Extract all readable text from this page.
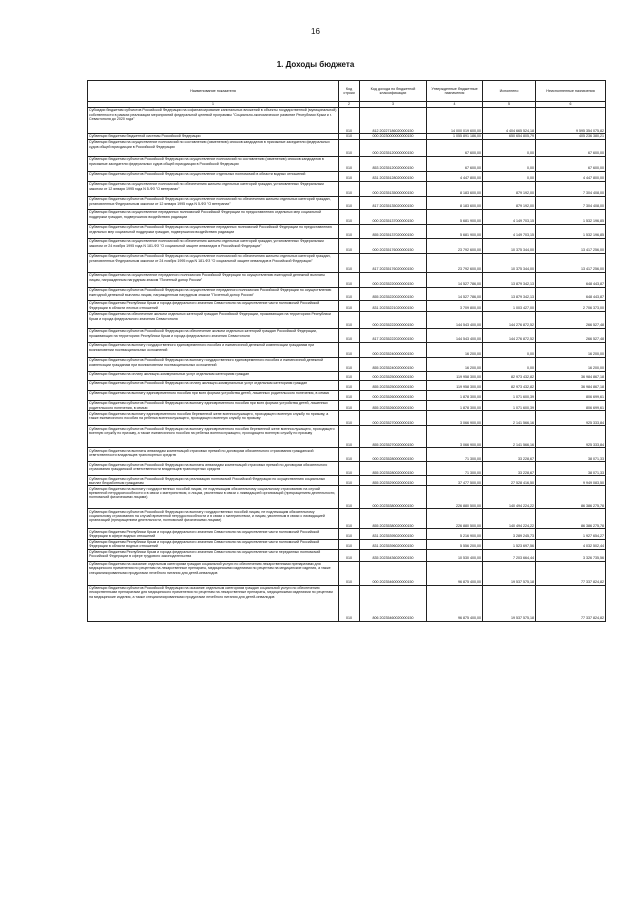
16
1. Доходы бюджета
Наименование показателя	Код строки	Код дохода по бюджетной классификации	Утвержденные бюджетные назначения	Исполнено	Неисполненные назначения
1	2	3	4	5	6
Субсидии бюджетам субъектов Российской Федерации на софинансирование капитальных вложений в объекты государственной (муниципальной) собственности в рамках реализации мероприятий федеральной целевой программы "Социально-экономическое развитие Республики Крым и г. Севастополя до 2020 года"	010	812 20227186020000150	14 000 019 600,00	4 404 665 524,18	9 595 354 075,82
Субвенции бюджетам бюджетной системы Российской Федерации	010	000 20230000000000150	1 055 891 186,00	650 654 805,79	405 236 380,21
Субвенции бюджетам на осуществление полномочий по составлению (изменению) списков кандидатов в присяжные заседатели федеральных судов общей юрисдикции в Российской Федерации	010	000 20235120000000150	67 600,00	0,00	67 600,00
Субвенции бюджетам субъектов Российской Федерации на осуществление полномочий по составлению (изменению) списков кандидатов в присяжные заседатели федеральных судов общей юрисдикции в Российской Федерации	010	853 20235120020000150	67 600,00	0,00	67 600,00
Субвенции бюджетам субъектов Российской Федерации на осуществление отдельных полномочий в области водных отношений	010	831 20235128020000150	4 447 800,00	0,00	4 447 800,00
Субвенции бюджетам на осуществление полномочий по обеспечению жильем отдельных категорий граждан, установленных Федеральным законом от 12 января 1995 года N 5-ФЗ "О ветеранах"	010	000 20235135000000150	8 183 600,00	879 192,00	7 304 408,00
Субвенции бюджетам субъектов Российской Федерации на осуществление полномочий по обеспечению жильем отдельных категорий граждан, установленных Федеральным законом от 12 января 1995 года N 5-ФЗ "О ветеранах"	010	817 20235135020000150	8 183 600,00	879 192,00	7 304 408,00
Субвенции бюджетам на осуществление переданных полномочий Российской Федерации по предоставлению отдельных мер социальной поддержки граждан, подвергшихся воздействию радиации	010	000 20235137000000150	5 681 900,00	4 149 703,15	1 532 196,85
Субвенции бюджетам субъектов Российской Федерации на осуществление переданных полномочий Российской Федерации по предоставлению отдельных мер социальной поддержки граждан, подвергшихся воздействию радиации	010	855 20235137020000150	5 681 900,00	4 149 703,15	1 532 196,85
Субвенции бюджетам на осуществление полномочий по обеспечению жильем отдельных категорий граждан, установленных Федеральным законом от 24 ноября 1995 года N 181-ФЗ "О социальной защите инвалидов в Российской Федерации"	010	000 20235176000000150	23 792 600,00	10 375 344,00	13 417 256,00
Субвенции бюджетам субъектов Российской Федерации на осуществление полномочий по обеспечению жильем отдельных категорий граждан, установленных Федеральным законом от 24 ноября 1995 года N 181-ФЗ "О социальной защите инвалидов в Российской Федерации"	010	817 20235176020000150	23 792 600,00	10 375 344,00	13 417 256,00
Субвенции бюджетам на осуществление переданного полномочия Российской Федерации по осуществлению ежегодной денежной выплаты лицам, награжденным нагрудным знаком "Почетный донор России"	010	000 20235220000000150	14 527 786,00	13 879 342,13	648 443,87
Субвенции бюджетам субъектов Российской Федерации на осуществление переданного полномочия Российской Федерации по осуществлению ежегодной денежной выплаты лицам, награжденным нагрудным знаком "Почетный донор России"	010	855 20235220020000150	14 527 786,00	13 879 342,13	648 443,87
Субвенции бюджетам Республики Крым и города федерального значения Севастополя на осуществление части полномочий Российской Федерации в области лесных отношений	010	831 20235221020000150	3 709 800,00	1 003 427,00	2 706 373,00
Субвенции бюджетам на обеспечение жильем отдельных категорий граждан Российской Федерации, проживающих на территориях Республики Крым и города федерального значения Севастополя	010	000 20235222000000150	144 543 400,00	144 276 872,52	266 527,48
Субвенции бюджетам субъектов Российской Федерации на обеспечение жильем отдельных категорий граждан Российской Федерации, проживающих на территориях Республики Крым и города федерального значения Севастополя	010	817 20235222020000150	144 543 400,00	144 276 872,52	266 527,48
Субвенции бюджетам на выплату государственного единовременного пособия и ежемесячной денежной компенсации гражданам при возникновении поствакцинальных осложнений	010	000 20235240000000150	16 200,00	0,00	16 200,00
Субвенции бюджетам субъектов Российской Федерации на выплату государственного единовременного пособия и ежемесячной денежной компенсации гражданам при возникновении поствакцинальных осложнений	010	855 20235240020000150	16 200,00	0,00	16 200,00
Субвенции бюджетам на оплату жилищно-коммунальных услуг отдельным категориям граждан	010	000 20235250000000150	119 958 300,00	82 973 432,82	36 984 867,18
Субвенции бюджетам субъектов Российской Федерации на оплату жилищно-коммунальных услуг отдельным категориям граждан	010	855 20235250020000150	119 958 300,00	82 973 432,82	36 984 867,18
Субвенции бюджетам на выплату единовременного пособия при всех формах устройства детей, лишенных родительского попечения, в семью	010	000 20235260000000150	1 878 300,00	1 071 600,39	806 699,61
Субвенции бюджетам субъектов Российской Федерации на выплату единовременного пособия при всех формах устройства детей, лишенных родительского попечения, в семью	010	855 20235260020000150	1 878 300,00	1 071 600,39	806 699,61
Субвенции бюджетам на выплату единовременного пособия беременной жене военнослужащего, проходящего военную службу по призыву, а также ежемесячного пособия на ребенка военнослужащего, проходящего военную службу по призыву	010	000 20235270000000150	3 066 900,00	2 141 566,16	925 333,84
Субвенции бюджетам субъектов Российской Федерации на выплату единовременного пособия беременной жене военнослужащего, проходящего военную службу по призыву, а также ежемесячного пособия на ребенка военнослужащего, проходящего военную службу по призыву	010	855 20235270020000150	3 066 900,00	2 141 566,16	925 333,84
Субвенции бюджетам на выплаты инвалидам компенсаций страховых премий по договорам обязательного страхования гражданской ответственности владельцев транспортных средств	010	000 20235280000000150	71 300,00	33 228,67	38 071,33
Субвенции бюджетам субъектов Российской Федерации на выплаты инвалидам компенсаций страховых премий по договорам обязательного страхования гражданской ответственности владельцев транспортных средств	010	855 20235280020000150	71 300,00	33 228,67	38 071,33
Субвенции бюджетам субъектов Российской Федерации на реализацию полномочий Российской Федерации по осуществлению социальных выплат безработным гражданам	010	855 20235290020000150	37 477 500,00	27 528 416,50	9 949 083,50
Субвенции бюджетам на выплату государственных пособий лицам, не подлежащим обязательному социальному страхованию на случай временной нетрудоспособности и в связи с материнством, и лицам, уволенным в связи с ликвидацией организаций (прекращением деятельности, полномочий физическими лицами)	010	000 20235380000000150	226 880 500,00	140 494 224,22	86 386 275,78
Субвенции бюджетам субъектов Российской Федерации на выплату государственных пособий лицам, не подлежащим обязательному социальному страхованию на случай временной нетрудоспособности и в связи с материнством, и лицам, уволенным в связи с ликвидацией организаций (прекращением деятельности, полномочий физическими лицами)	010	855 20235380020000150	226 880 500,00	140 494 224,22	86 386 275,78
Субвенции бюджетам Республики Крым и города федерального значения Севастополя на осуществление части полномочий Российской Федерации в сфере водных отношений	010	831 20235395020000150	5 216 900,00	3 289 245,73	1 927 654,27
Субвенции бюджетам Республики Крым и города федерального значения Севастополя на осуществление части полномочий Российской Федерации в области водных отношений	010	831 20235396020000150	5 556 200,00	1 523 697,56	4 032 502,44
Субвенции бюджетам Республики Крым и города федерального значения Севастополя на осуществление части переданных полномочий Российской Федерации в сфере трудового законодательства	010	835 20235436020000150	10 530 400,00	7 203 664,44	3 326 735,56
Субвенции бюджетам на оказание отдельным категориям граждан социальной услуги по обеспечению лекарственными препаратами для медицинского применения по рецептам на лекарственные препараты, медицинскими изделиями по рецептам на медицинские изделия, а также специализированными продуктами лечебного питания для детей-инвалидов	010	000 20235460000000150	96 875 400,00	19 537 575,18	77 337 824,82
Субвенции бюджетам субъектов Российской Федерации на оказание отдельным категориям граждан социальной услуги по обеспечению лекарственными препаратами для медицинского применения по рецептам на лекарственные препараты, медицинскими изделиями по рецептам на медицинские изделия, а также специализированными продуктами лечебного питания для детей-инвалидов	010	806 20235460020000150	96 875 400,00	19 537 575,18	77 337 824,82
